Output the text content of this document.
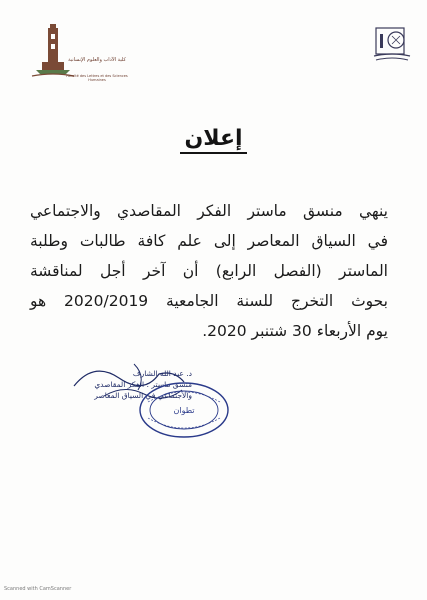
كلية الآداب والعلوم الإنسانية
Faculté des Lettres et des Sciences Humaines
إعلان
ينهي منسق ماستر الفكر المقاصدي والاجتماعي
في السياق المعاصر إلى علم كافة طالبات وطلبة
الماستر (الفصل الرابع) أن آخر أجل لمناقشة
بحوث التخرج للسنة الجامعية 2020/2019 هو
يوم الأربعاء 30 شتنبر 2020.
د. عبد الله الشارف
منسق ماستر : الفكر المقاصدي
والاجتماعي في السياق المعاصر
تطوان
Scanned with CamScanner
